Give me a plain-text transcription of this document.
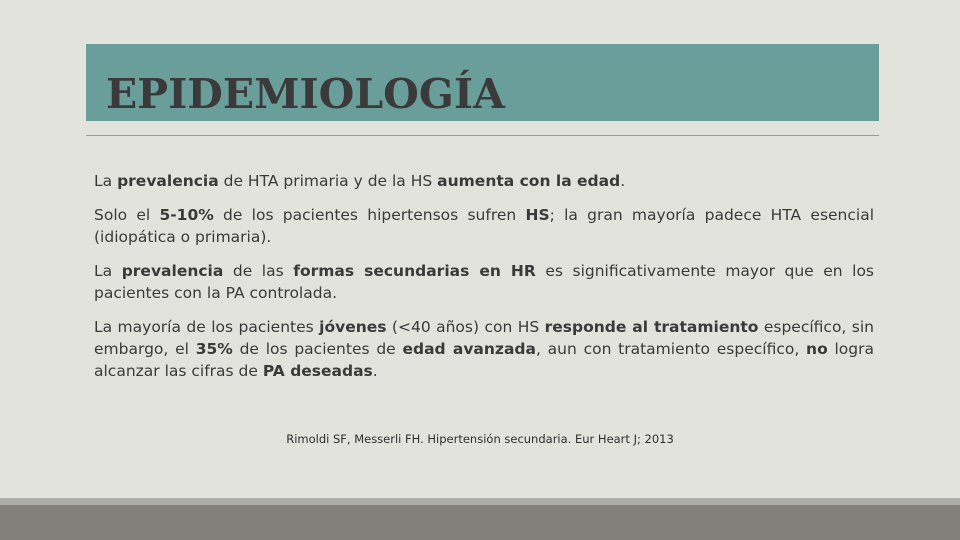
EPIDEMIOLOGÍA

La prevalencia de HTA primaria y de la HS aumenta con la edad.

Solo el 5-10% de los pacientes hipertensos sufren HS; la gran mayoría padece HTA esencial (idiopática o primaria).

La prevalencia de las formas secundarias en HR es significativamente mayor que en los pacientes con la PA controlada.

La mayoría de los pacientes jóvenes (<40 años) con HS responde al tratamiento específico, sin embargo, el 35% de los pacientes de edad avanzada, aun con tratamiento específico, no logra alcanzar las cifras de PA deseadas.

Rimoldi SF, Messerli FH. Hipertensión secundaria. Eur Heart J; 2013
